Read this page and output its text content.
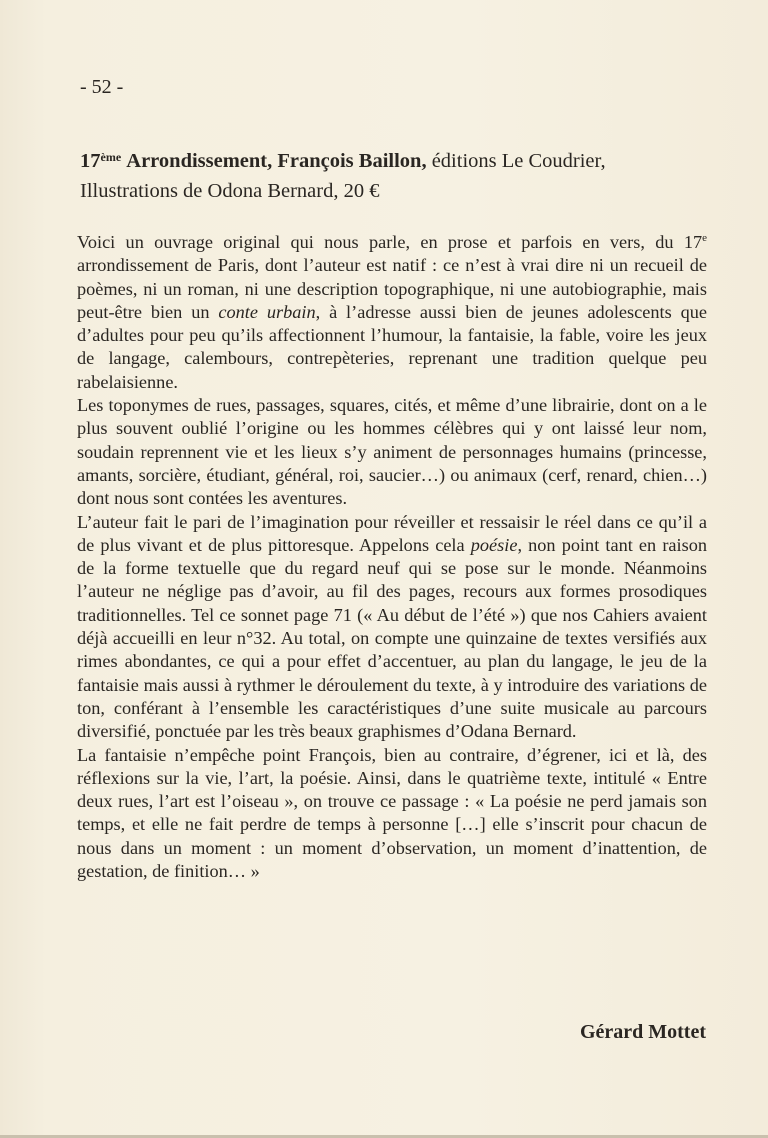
- 52 -
17ème Arrondissement, François Baillon, éditions Le Coudrier,
Illustrations de Odona Bernard, 20 €

Voici un ouvrage original qui nous parle, en prose et parfois en vers, du 17e arrondissement de Paris, dont l’auteur est natif : ce n’est à vrai dire ni un recueil de poèmes, ni un roman, ni une description topographique, ni une autobiographie, mais peut-être bien un conte urbain, à l’adresse aussi bien de jeunes adolescents que d’adultes pour peu qu’ils affectionnent l’humour, la fantaisie, la fable, voire les jeux de langage, calembours, contrepèteries, reprenant une tradition quelque peu rabelaisienne.

Les toponymes de rues, passages, squares, cités, et même d’une librairie, dont on a le plus souvent oublié l’origine ou les hommes célèbres qui y ont laissé leur nom, soudain reprennent vie et les lieux s’y animent de personnages humains (princesse, amants, sorcière, étudiant, général, roi, saucier…) ou animaux (cerf, renard, chien…) dont nous sont contées les aventures.

L’auteur fait le pari de l’imagination pour réveiller et ressaisir le réel dans ce qu’il a de plus vivant et de plus pittoresque. Appelons cela poésie, non point tant en raison de la forme textuelle que du regard neuf qui se pose sur le monde. Néanmoins l’auteur ne néglige pas d’avoir, au fil des pages, recours aux formes prosodiques traditionnelles. Tel ce sonnet page 71 (« Au début de l’été ») que nos Cahiers avaient déjà accueilli en leur n°32. Au total, on compte une quinzaine de textes versifiés aux rimes abondantes, ce qui a pour effet d’accentuer, au plan du langage, le jeu de la fantaisie mais aussi à rythmer le déroulement du texte, à y introduire des variations de ton, conférant à l’ensemble les caractéristiques d’une suite musicale au parcours diversifié, ponctuée par les très beaux graphismes d’Odana Bernard.

La fantaisie n’empêche point François, bien au contraire, d’égrener, ici et là, des réflexions sur la vie, l’art, la poésie. Ainsi, dans le quatrième texte, intitulé « Entre deux rues, l’art est l’oiseau », on trouve ce passage : « La poésie ne perd jamais son temps, et elle ne fait perdre de temps à personne […] elle s’inscrit pour chacun de nous dans un moment : un moment d’observation, un moment d’inattention, de gestation, de finition… »

Gérard Mottet
